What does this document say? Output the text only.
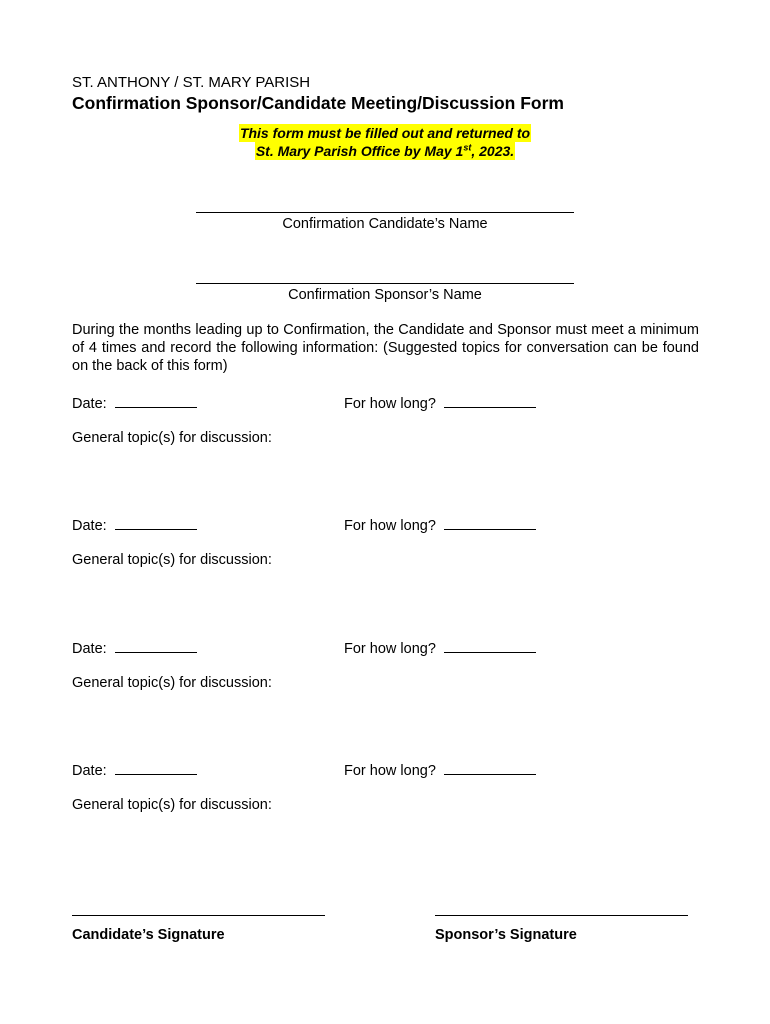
ST. ANTHONY / ST. MARY PARISH
Confirmation Sponsor/Candidate Meeting/Discussion Form
This form must be filled out and returned to
St. Mary Parish Office by May 1st, 2023.
Confirmation Candidate’s Name
Confirmation Sponsor’s Name
During the months leading up to Confirmation, the Candidate and Sponsor must meet a minimum of 4 times and record the following information: (Suggested topics for conversation can be found on the back of this form)
Date:	For how long?
General topic(s) for discussion:
Date:	For how long?
General topic(s) for discussion:
Date:	For how long?
General topic(s) for discussion:
Date:	For how long?
General topic(s) for discussion:
Candidate’s Signature	Sponsor’s Signature
